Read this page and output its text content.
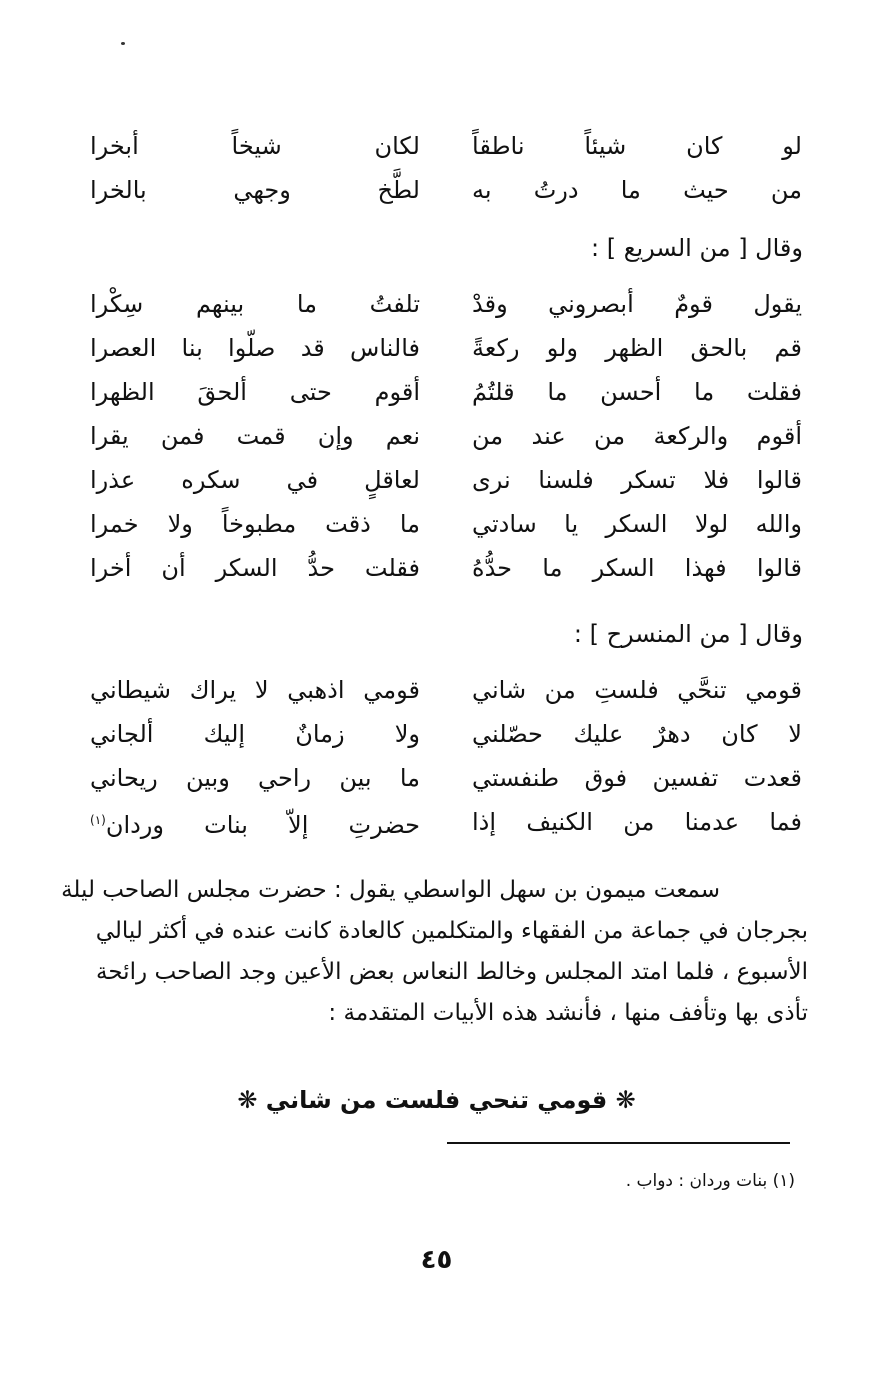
لو كان شيئاً ناطقاً
لكان شيخاً أبخرا
من حيث ما درتُ به
لطَّخ وجهي بالخرا
وقال [ من السريع ] :
يقول قومٌ أبصروني وقدْ
تلفتُ ما بينهم سِكْرا
قم بالحق الظهر ولو ركعةً
فالناس قد صلّوا بنا العصرا
فقلت ما أحسن ما قلتُمُ
أقوم حتى ألحقَ الظهرا
أقوم والركعة من عند من
نعم وإن قمت فمن يقرا
قالوا فلا تسكر فلسنا نرى
لعاقلٍ في سكره عذرا
والله لولا السكر يا سادتي
ما ذقت مطبوخاً ولا خمرا
قالوا فهذا السكر ما حدُّهُ
فقلت حدُّ السكر أن أخرا
وقال [ من المنسرح ] :
قومي تنحَّي فلستِ من شاني
قومي اذهبي لا يراك شيطاني
لا كان دهرٌ عليك حصّلني
ولا زمانٌ إليك ألجاني
قعدت تفسين فوق طنفستي
ما بين راحي وبين ريحاني
فما عدمنا من الكنيف إذا
حضرتِ إلاّ بنات وردان$^{(١)}$
سمعت ميمون بن سهل الواسطي يقول : حضرت مجلس الصاحب ليلة
بجرجان في جماعة من الفقهاء والمتكلمين كالعادة كانت عنده في أكثر ليالي
الأسبوع ، فلما امتد المجلس وخالط النعاس بعض الأعين وجد الصاحب رائحة
تأذى بها وتأفف منها ، فأنشد هذه الأبيات المتقدمة :
❋ قومي تنحي فلست من شاني ❋
(١) بنات وردان : دواب .
٤٥
